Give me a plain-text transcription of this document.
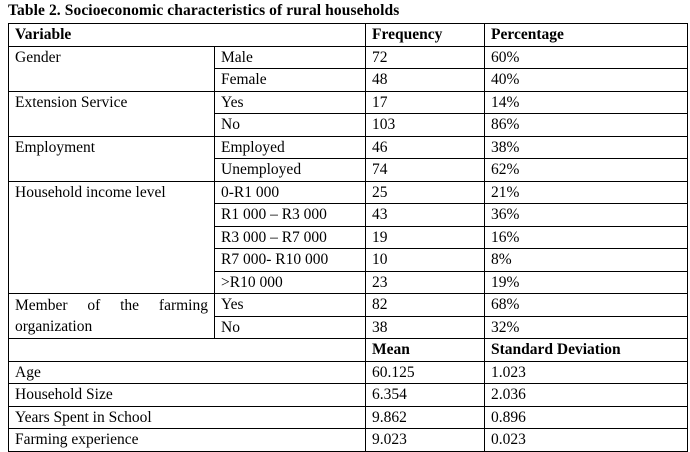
Table 2. Socioeconomic characteristics of rural households

Variable		Frequency	Percentage
Gender	Male	72	60%
	Female	48	40%
Extension Service	Yes	17	14%
	No	103	86%
Employment	Employed	46	38%
	Unemployed	74	62%
Household income level	0-R1 000	25	21%
	R1 000 – R3 000	43	36%
	R3 000 – R7 000	19	16%
	R7 000- R10 000	10	8%
	>R10 000	23	19%
Member of the farming organization	Yes	82	68%
	No	38	32%
		Mean	Standard Deviation
Age		60.125	1.023
Household Size		6.354	2.036
Years Spent in School		9.862	0.896
Farming experience		9.023	0.023
